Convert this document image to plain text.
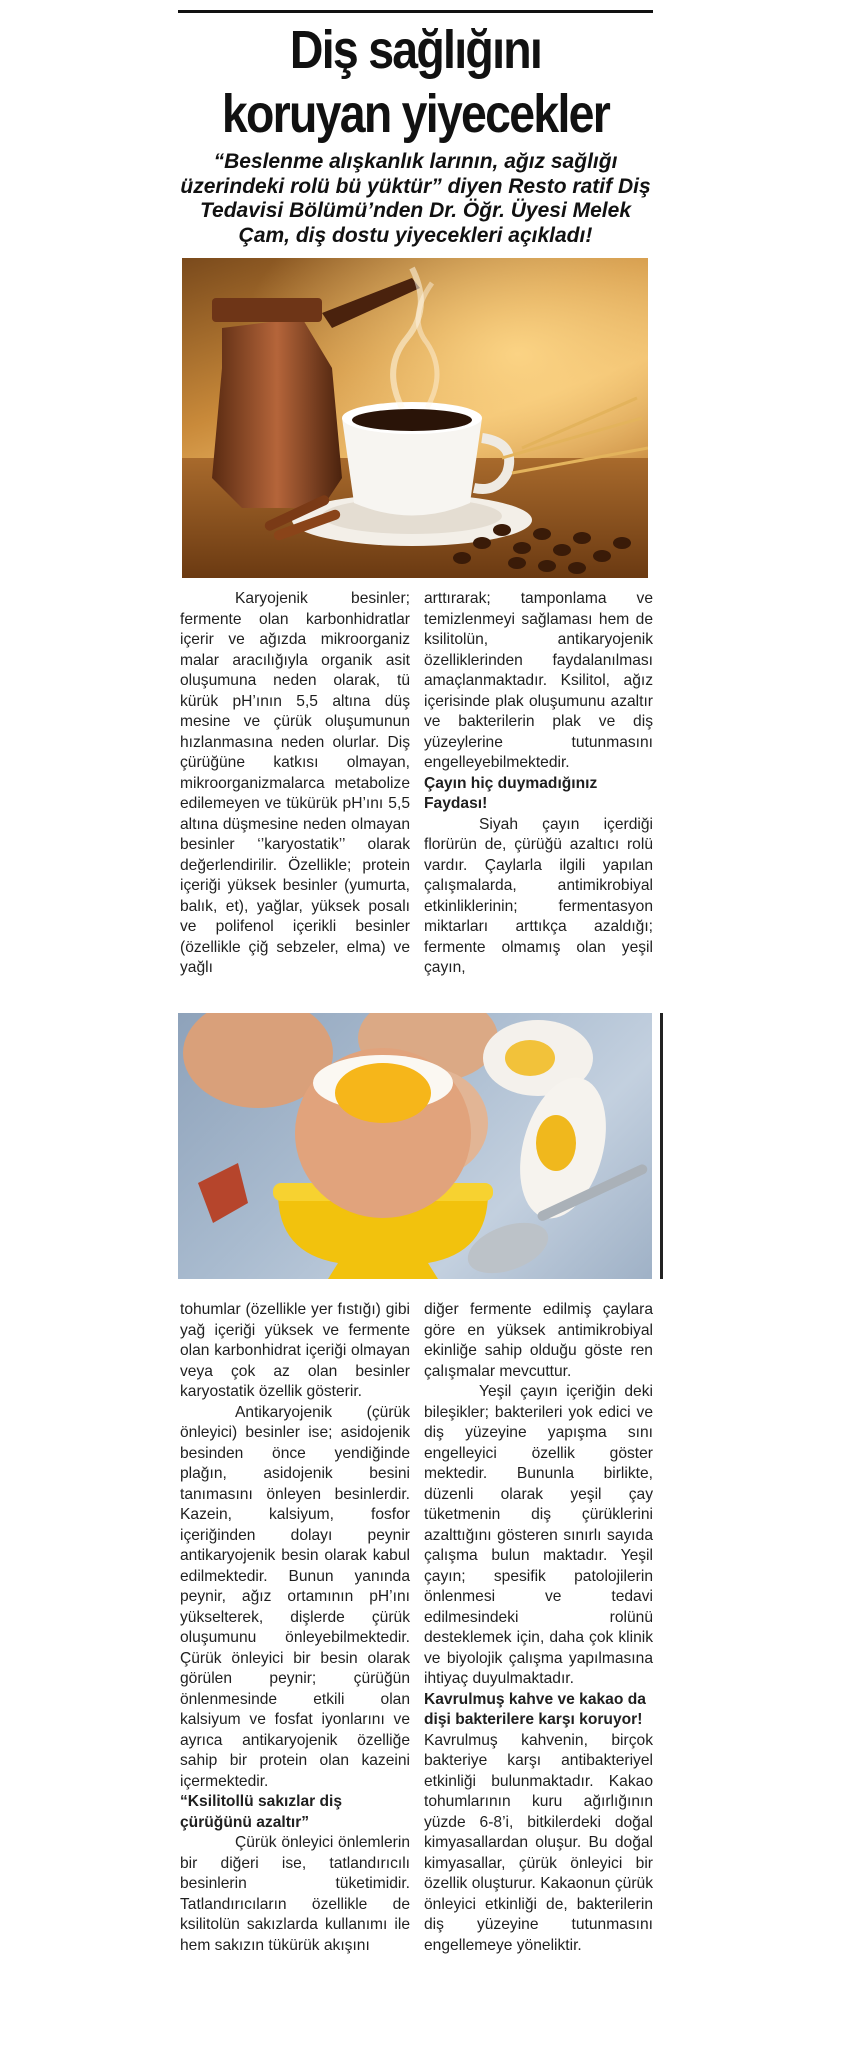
Diş sağlığını
koruyan yiyecekler

“Beslenme alışkanlık larının, ağız sağlığı üzerindeki rolü bü yüktür” diyen Resto ratif Diş Tedavisi Bölümü’nden Dr. Öğr. Üyesi Melek Çam, diş dostu yiyecekleri açıkladı!

Karyojenik besinler; fermente olan karbonhidratlar içerir ve ağızda mikroorganiz malar aracılığıyla organik asit oluşumuna neden olarak, tü kürük pH’ının 5,5 altına düş mesine ve çürük oluşumunun hızlanmasına neden olurlar. Diş çürüğüne katkısı olmayan, mikroorganizmalarca metabolize edilemeyen ve tükürük pH’ını 5,5 altına düşmesine neden olmayan besinler ‘’karyostatik’’ olarak değerlendirilir. Özellikle; protein içeriği yüksek besinler (yumurta, balık, et), yağlar, yüksek posalı ve polifenol içerikli besinler (özellikle çiğ sebzeler, elma) ve yağlı

arttırarak; tamponlama ve temizlenmeyi sağlaması hem de ksilitolün, antikaryojenik özelliklerinden faydalanılması amaçlanmaktadır. Ksilitol, ağız içerisinde plak oluşumunu azaltır ve bakterilerin plak ve diş yüzeylerine tutunmasını engelleyebilmektedir.

Çayın hiç duymadığınız Faydası!

Siyah çayın içerdiği florürün de, çürüğü azaltıcı rolü vardır. Çaylarla ilgili yapılan çalışmalarda, antimikrobiyal etkinliklerinin; fermentasyon miktarları arttıkça azaldığı; fermente olmamış olan yeşil çayın,

tohumlar (özellikle yer fıstığı) gibi yağ içeriği yüksek ve fermente olan karbonhidrat içeriği olmayan veya çok az olan besinler karyostatik özellik gösterir.

Antikaryojenik (çürük önleyici) besinler ise; asidojenik besinden önce yendiğinde plağın, asidojenik besini tanımasını önleyen besinlerdir. Kazein, kalsiyum, fosfor içeriğinden dolayı peynir antikaryojenik besin olarak kabul edilmektedir. Bunun yanında peynir, ağız ortamının pH’ını yükselterek, dişlerde çürük oluşumunu önleyebilmektedir. Çürük önleyici bir besin olarak görülen peynir; çürüğün önlenmesinde etkili olan kalsiyum ve fosfat iyonlarını ve ayrıca antikaryojenik özelliğe sahip bir protein olan kazeini içermektedir.

“Ksilitollü sakızlar diş çürüğünü azaltır”

Çürük önleyici önlemlerin bir diğeri ise, tatlandırıcılı besinlerin tüketimidir. Tatlandırıcıların özellikle de ksilitolün sakızlarda kullanımı ile hem sakızın tükürük akışını

diğer fermente edilmiş çaylara göre en yüksek antimikrobiyal ekinliğe sahip olduğu göste ren çalışmalar mevcuttur.

Yeşil çayın içeriğin deki bileşikler; bakterileri yok edici ve diş yüzeyine yapışma sını engelleyici özellik göster mektedir. Bununla birlikte, düzenli olarak yeşil çay tüketmenin diş çürüklerini azalttığını gösteren sınırlı sayıda çalışma bulun maktadır. Yeşil çayın; spesifik patolojilerin önlenmesi ve tedavi edilmesindeki rolünü desteklemek için, daha çok klinik ve biyolojik çalışma yapılmasına ihtiyaç duyulmaktadır.

Kavrulmuş kahve ve kakao da dişi bakterilere karşı koruyor!

Kavrulmuş kahvenin, birçok bakteriye karşı antibakteriyel etkinliği bulunmaktadır. Kakao tohumlarının kuru ağırlığının yüzde 6-8’i, bitkilerdeki doğal kimyasallardan oluşur. Bu doğal kimyasallar, çürük önleyici bir özellik oluşturur. Kakaonun çürük önleyici etkinliği de, bakterilerin diş yüzeyine tutunmasını engellemeye yöneliktir.
